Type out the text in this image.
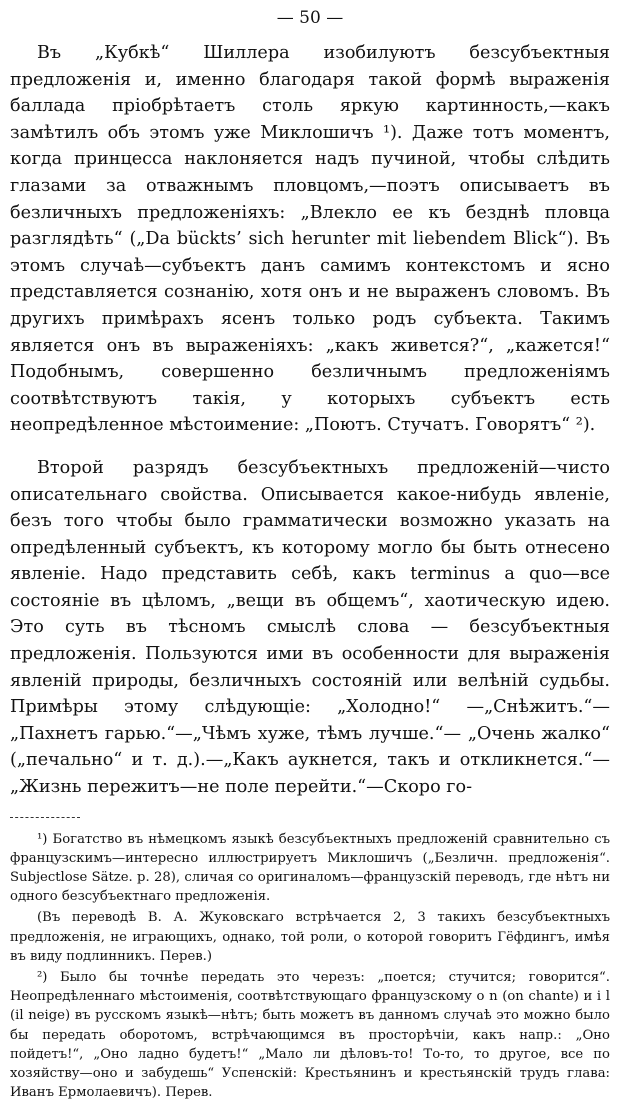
— 50 —

Въ „Кубкѣ“ Шиллера изобилуютъ безсубъектныя предложенія и, именно благодаря такой формѣ выраженія баллада пріобрѣтаетъ столь яркую картинность,—какъ замѣтилъ объ этомъ уже Миклошичъ ¹). Даже тотъ моментъ, когда принцесса наклоняется надъ пучиной, чтобы слѣдить глазами за отважнымъ пловцомъ,—поэтъ описываетъ въ безличныхъ предложеніяхъ: „Влекло ее къ безднѣ пловца разглядѣть“ („Da bückts’ sich herunter mit liebendem Blick“). Въ этомъ случаѣ—субъектъ данъ самимъ контекстомъ и ясно представляется сознанію, хотя онъ и не выраженъ словомъ. Въ другихъ примѣрахъ ясенъ только родъ субъекта. Такимъ является онъ въ выраженіяхъ: „какъ живется?“, „кажется!“ Подобнымъ, совершенно безличнымъ предложеніямъ соотвѣтствуютъ такія, у которыхъ субъектъ есть неопредѣленное мѣстоимение: „Поютъ. Стучатъ. Говорятъ“ ²).

Второй разрядъ безсубъектныхъ предложеній—чисто описательнаго свойства. Описывается какое-нибудь явленіе, безъ того чтобы было грамматически возможно указать на опредѣленный субъектъ, къ которому могло бы быть отнесено явленіе. Надо представить себѣ, какъ terminus a quo—все состояніе въ цѣломъ, „вещи въ общемъ“, хаотическую идею. Это суть въ тѣсномъ смыслѣ слова — безсубъектныя предложенія. Пользуются ими въ особенности для выраженія явленій природы, безличныхъ состояній или велѣній судьбы. Примѣры этому слѣдующіе: „Холодно!“ —„Снѣжитъ.“—„Пахнетъ гарью.“—„Чѣмъ хуже, тѣмъ лучше.“— „Очень жалко“ („печально“ и т. д.).—„Какъ аукнется, такъ и откликнется.“—„Жизнь пережитъ—не поле перейти.“—Скоро го-

¹) Богатство въ нѣмецкомъ языкѣ безсубъектныхъ предложеній сравнительно съ французскимъ—интересно иллюстрируетъ Миклошичъ („Безличн. предложенія“. Subjectlose Sätze. p. 28), сличая со оригиналомъ—французскій переводъ, где нѣтъ ни одного безсубъектнаго предложенія.

(Въ переводѣ В. А. Жуковскаго встрѣчается 2, 3 такихъ безсубъектныхъ предложенія, не играющихъ, однако, той роли, о которой говоритъ Гёфдингъ, имѣя въ виду подлинникъ. Перев.)

²) Было бы точнѣе передать это черезъ: „поется; стучится; говорится“. Неопредѣленнаго мѣстоименія, соотвѣтствующаго французскому o n (on chante) и i l (il neige) въ русскомъ языкѣ—нѣтъ; быть можетъ въ данномъ случаѣ это можно было бы передать оборотомъ, встрѣчающимся въ просторѣчіи, какъ напр.: „Оно пойдетъ!“, „Оно ладно будетъ!“ „Мало ли дѣловъ-то! То-то, то другое, все по хозяйству—оно и забудешь“ Успенскій: Крестьянинъ и крестьянскій трудъ глава: Иванъ Ермолаевичъ). Перев.
